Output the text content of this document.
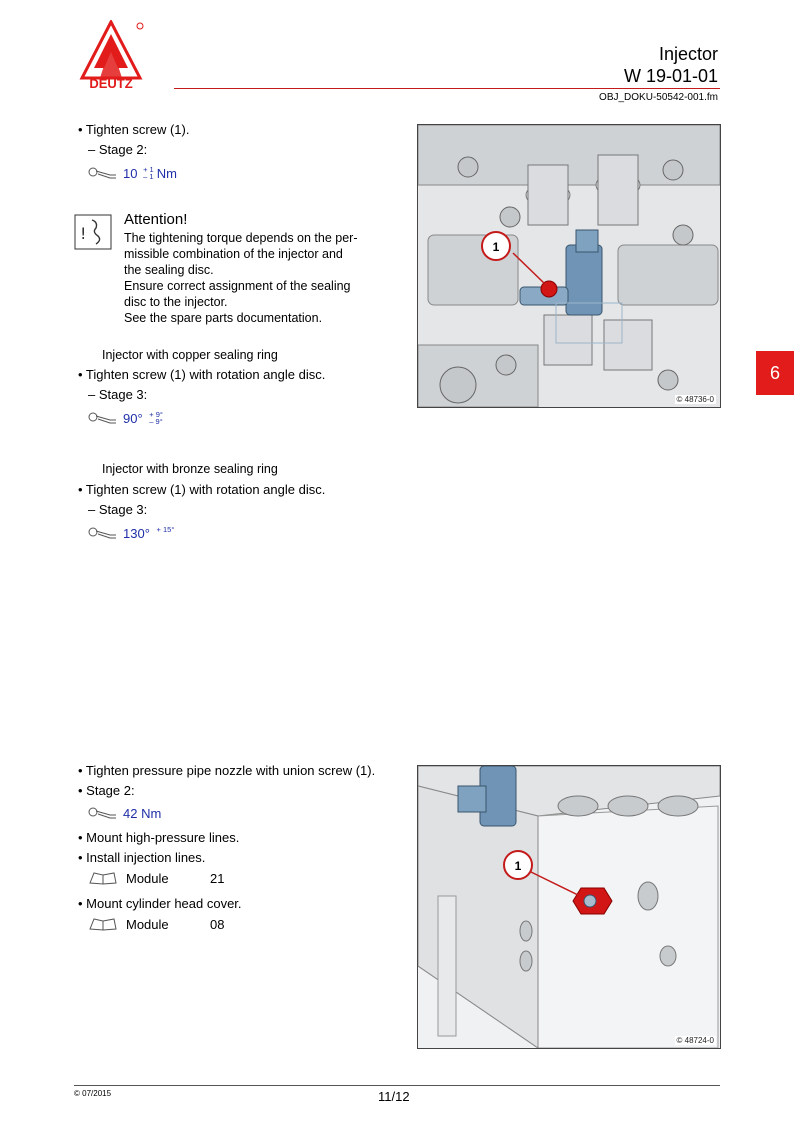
DEUTZ
Injector
W 19-01-01
OBJ_DOKU-50542-001.fm
6
• Tighten screw (1).
– Stage 2:
10 + 1
– 1 Nm
!
Attention!
The tightening torque depends on the per-
missible combination of the injector and
the sealing disc.
Ensure correct assignment of the sealing
disc to the injector.
See the spare parts documentation.
Injector with copper sealing ring
• Tighten screw (1) with rotation angle disc.
– Stage 3:
90° + 9°
– 9°
Injector with bronze sealing ring
• Tighten screw (1) with rotation angle disc.
– Stage 3:
130° + 15°
1
© 48736-0
• Tighten pressure pipe nozzle with union screw (1).
• Stage 2:
42 Nm
• Mount high-pressure lines.
• Install injection lines.
Module	21
• Mount cylinder head cover.
Module	08
1
© 48724-0
© 07/2015	11/12
